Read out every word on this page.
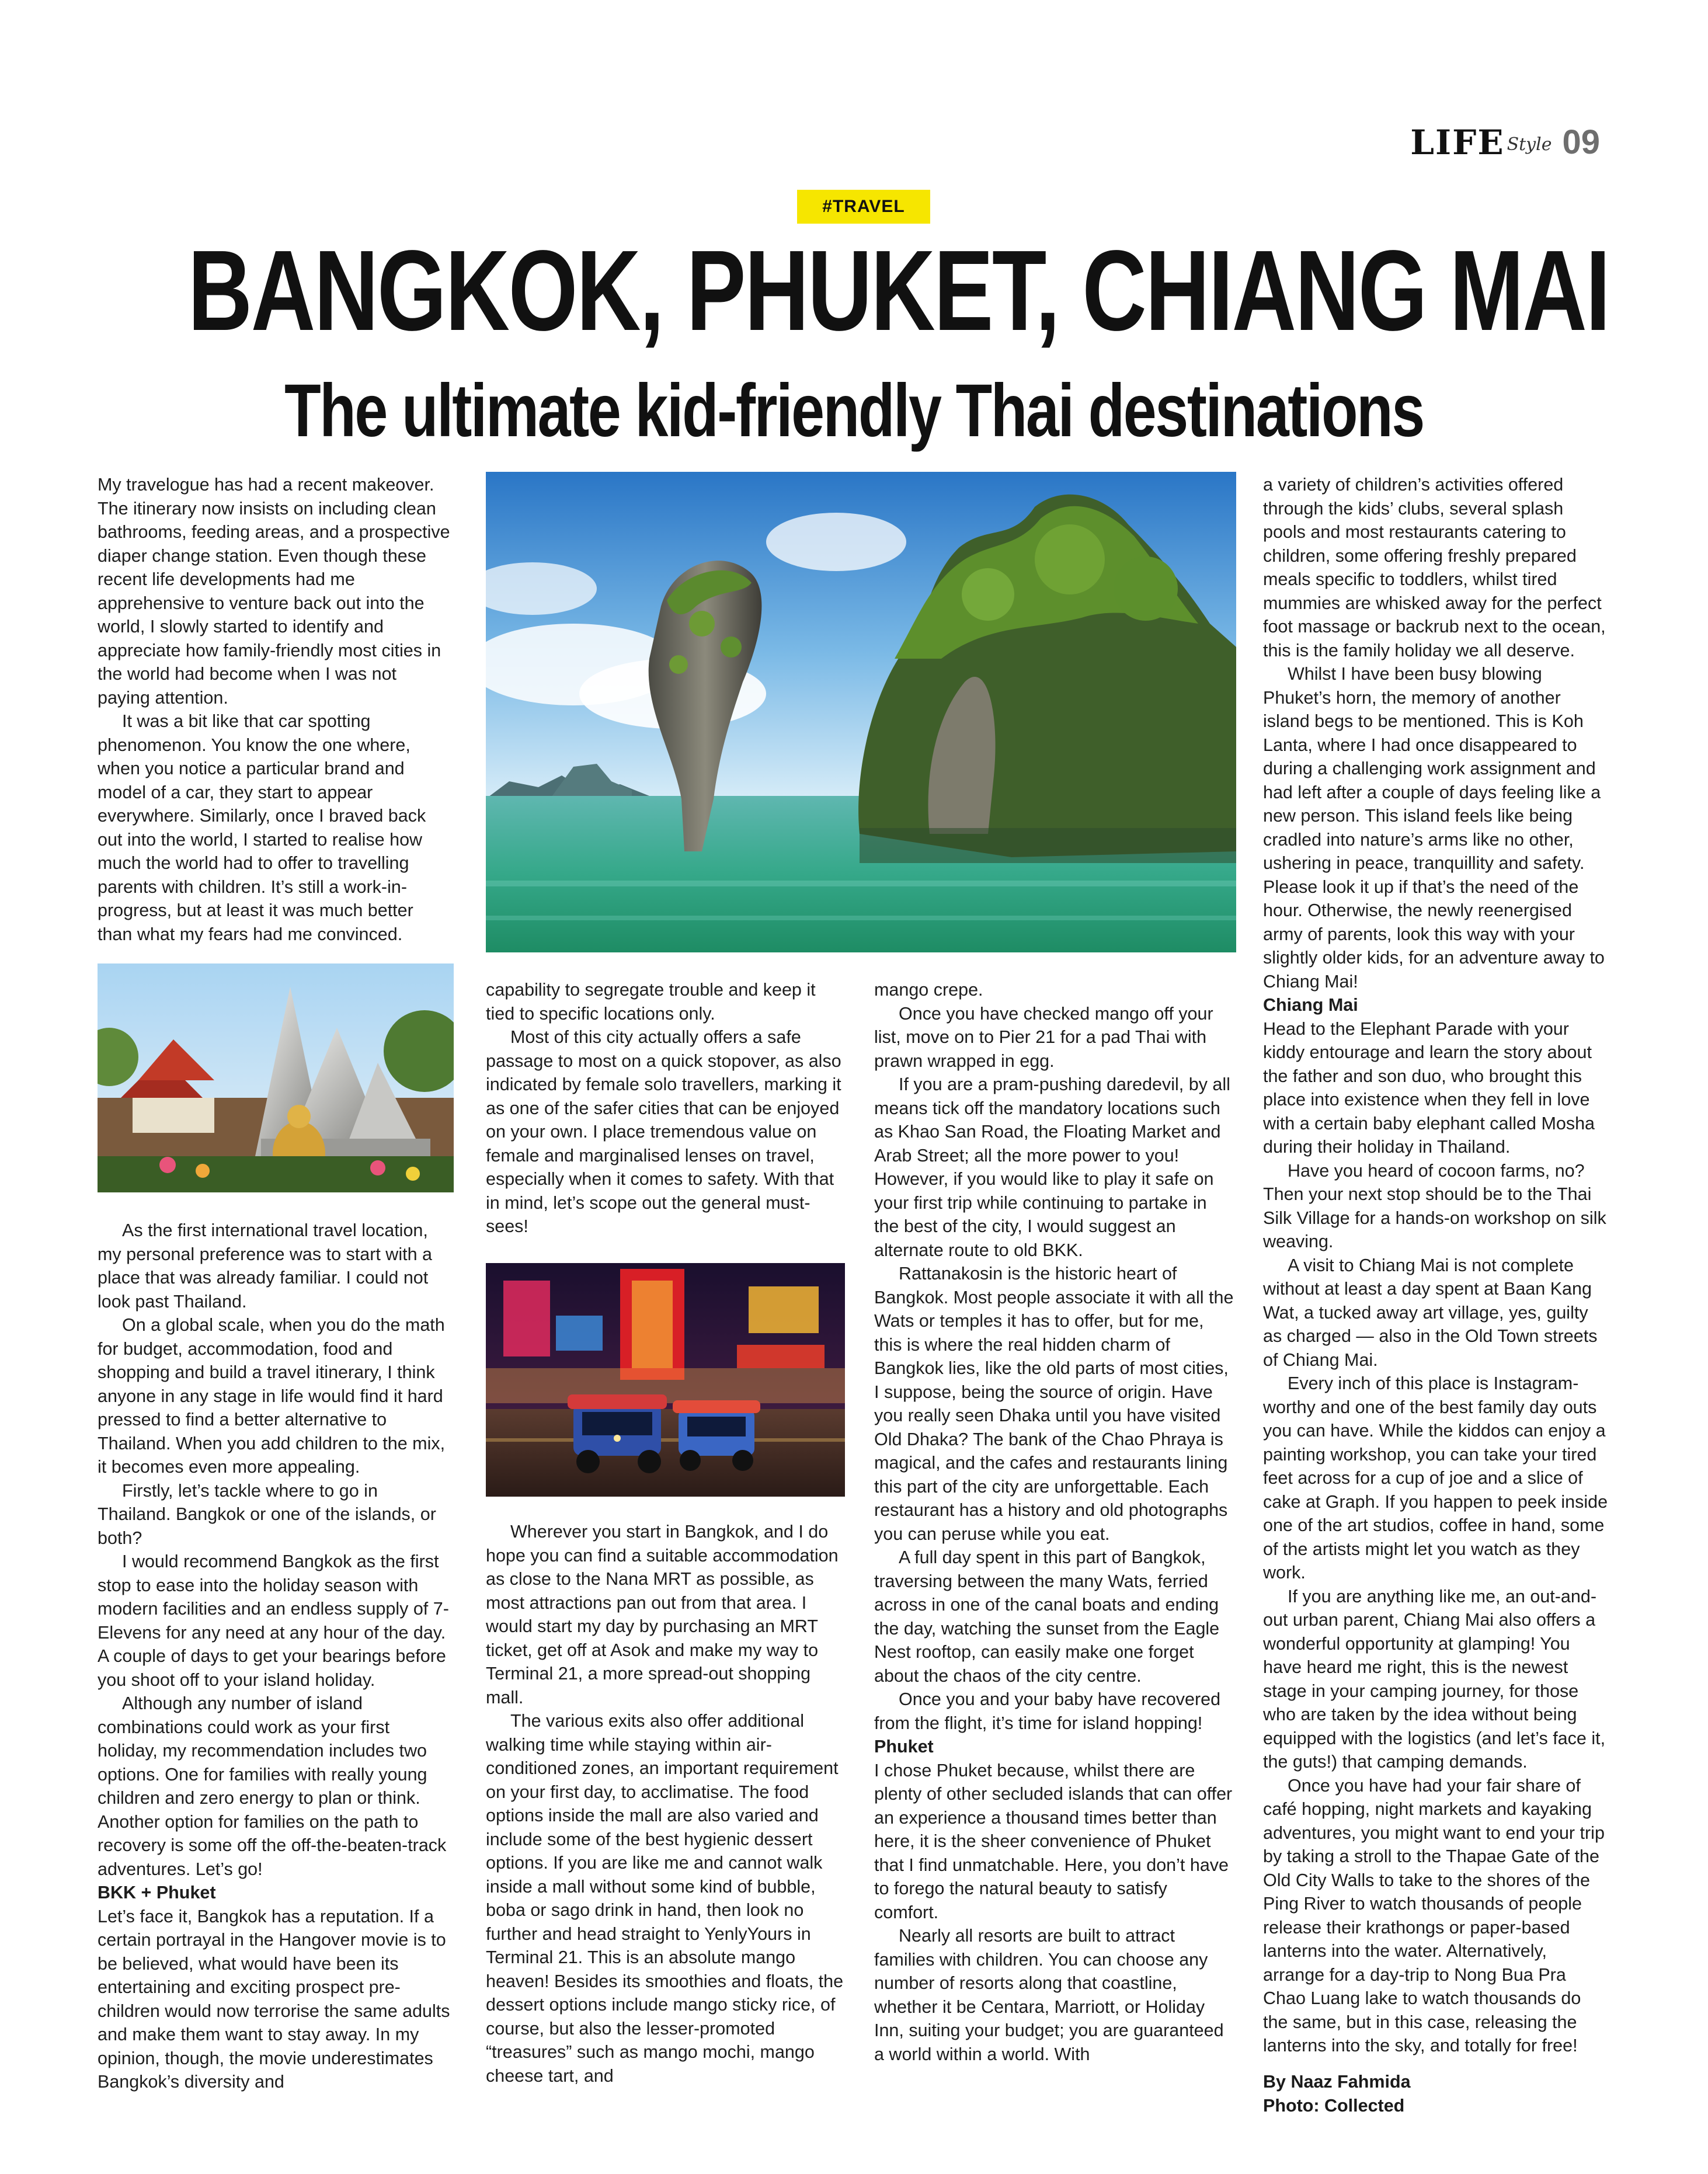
LIFE Style 09
#TRAVEL
BANGKOK, PHUKET, CHIANG MAI
The ultimate kid-friendly Thai destinations

My travelogue has had a recent makeover. The itinerary now insists on including clean bathrooms, feeding areas, and a prospective diaper change station. Even though these recent life developments had me apprehensive to venture back out into the world, I slowly started to identify and appreciate how family-friendly most cities in the world had become when I was not paying attention.

It was a bit like that car spotting phenomenon. You know the one where, when you notice a particular brand and model of a car, they start to appear everywhere. Similarly, once I braved back out into the world, I started to realise how much the world had to offer to travelling parents with children. It’s still a work-in-progress, but at least it was much better than what my fears had me convinced.

As the first international travel location, my personal preference was to start with a place that was already familiar. I could not look past Thailand.

On a global scale, when you do the math for budget, accommodation, food and shopping and build a travel itinerary, I think anyone in any stage in life would find it hard pressed to find a better alternative to Thailand. When you add children to the mix, it becomes even more appealing.

Firstly, let’s tackle where to go in Thailand. Bangkok or one of the islands, or both?

I would recommend Bangkok as the first stop to ease into the holiday season with modern facilities and an endless supply of 7-Elevens for any need at any hour of the day. A couple of days to get your bearings before you shoot off to your island holiday.

Although any number of island combinations could work as your first holiday, my recommendation includes two options. One for families with really young children and zero energy to plan or think. Another option for families on the path to recovery is some off the off-the-beaten-track adventures. Let’s go!

BKK + Phuket

Let’s face it, Bangkok has a reputation. If a certain portrayal in the Hangover movie is to be believed, what would have been its entertaining and exciting prospect pre-children would now terrorise the same adults and make them want to stay away. In my opinion, though, the movie underestimates Bangkok’s diversity and

capability to segregate trouble and keep it tied to specific locations only.

Most of this city actually offers a safe passage to most on a quick stopover, as also indicated by female solo travellers, marking it as one of the safer cities that can be enjoyed on your own. I place tremendous value on female and marginalised lenses on travel, especially when it comes to safety. With that in mind, let’s scope out the general must-sees!

Wherever you start in Bangkok, and I do hope you can find a suitable accommodation as close to the Nana MRT as possible, as most attractions pan out from that area. I would start my day by purchasing an MRT ticket, get off at Asok and make my way to Terminal 21, a more spread-out shopping mall.

The various exits also offer additional walking time while staying within air-conditioned zones, an important requirement on your first day, to acclimatise. The food options inside the mall are also varied and include some of the best hygienic dessert options. If you are like me and cannot walk inside a mall without some kind of bubble, boba or sago drink in hand, then look no further and head straight to YenlyYours in Terminal 21. This is an absolute mango heaven! Besides its smoothies and floats, the dessert options include mango sticky rice, of course, but also the lesser-promoted “treasures” such as mango mochi, mango cheese tart, and

mango crepe.

Once you have checked mango off your list, move on to Pier 21 for a pad Thai with prawn wrapped in egg.

If you are a pram-pushing daredevil, by all means tick off the mandatory locations such as Khao San Road, the Floating Market and Arab Street; all the more power to you! However, if you would like to play it safe on your first trip while continuing to partake in the best of the city, I would suggest an alternate route to old BKK.

Rattanakosin is the historic heart of Bangkok. Most people associate it with all the Wats or temples it has to offer, but for me, this is where the real hidden charm of Bangkok lies, like the old parts of most cities, I suppose, being the source of origin. Have you really seen Dhaka until you have visited Old Dhaka? The bank of the Chao Phraya is magical, and the cafes and restaurants lining this part of the city are unforgettable. Each restaurant has a history and old photographs you can peruse while you eat.

A full day spent in this part of Bangkok, traversing between the many Wats, ferried across in one of the canal boats and ending the day, watching the sunset from the Eagle Nest rooftop, can easily make one forget about the chaos of the city centre.

Once you and your baby have recovered from the flight, it’s time for island hopping!

Phuket

I chose Phuket because, whilst there are plenty of other secluded islands that can offer an experience a thousand times better than here, it is the sheer convenience of Phuket that I find unmatchable. Here, you don’t have to forego the natural beauty to satisfy comfort.

Nearly all resorts are built to attract families with children. You can choose any number of resorts along that coastline, whether it be Centara, Marriott, or Holiday Inn, suiting your budget; you are guaranteed a world within a world. With

a variety of children’s activities offered through the kids’ clubs, several splash pools and most restaurants catering to children, some offering freshly prepared meals specific to toddlers, whilst tired mummies are whisked away for the perfect foot massage or backrub next to the ocean, this is the family holiday we all deserve.

Whilst I have been busy blowing Phuket’s horn, the memory of another island begs to be mentioned. This is Koh Lanta, where I had once disappeared to during a challenging work assignment and had left after a couple of days feeling like a new person. This island feels like being cradled into nature’s arms like no other, ushering in peace, tranquillity and safety. Please look it up if that’s the need of the hour. Otherwise, the newly reenergised army of parents, look this way with your slightly older kids, for an adventure away to Chiang Mai!

Chiang Mai

Head to the Elephant Parade with your kiddy entourage and learn the story about the father and son duo, who brought this place into existence when they fell in love with a certain baby elephant called Mosha during their holiday in Thailand.

Have you heard of cocoon farms, no? Then your next stop should be to the Thai Silk Village for a hands-on workshop on silk weaving.

A visit to Chiang Mai is not complete without at least a day spent at Baan Kang Wat, a tucked away art village, yes, guilty as charged — also in the Old Town streets of Chiang Mai.

Every inch of this place is Instagram-worthy and one of the best family day outs you can have. While the kiddos can enjoy a painting workshop, you can take your tired feet across for a cup of joe and a slice of cake at Graph. If you happen to peek inside one of the art studios, coffee in hand, some of the artists might let you watch as they work.

If you are anything like me, an out-and-out urban parent, Chiang Mai also offers a wonderful opportunity at glamping! You have heard me right, this is the newest stage in your camping journey, for those who are taken by the idea without being equipped with the logistics (and let’s face it, the guts!) that camping demands.

Once you have had your fair share of café hopping, night markets and kayaking adventures, you might want to end your trip by taking a stroll to the Thapae Gate of the Old City Walls to take to the shores of the Ping River to watch thousands of people release their krathongs or paper-based lanterns into the water. Alternatively, arrange for a day-trip to Nong Bua Pra Chao Luang lake to watch thousands do the same, but in this case, releasing the lanterns into the sky, and totally for free!

By Naaz Fahmida
Photo: Collected
